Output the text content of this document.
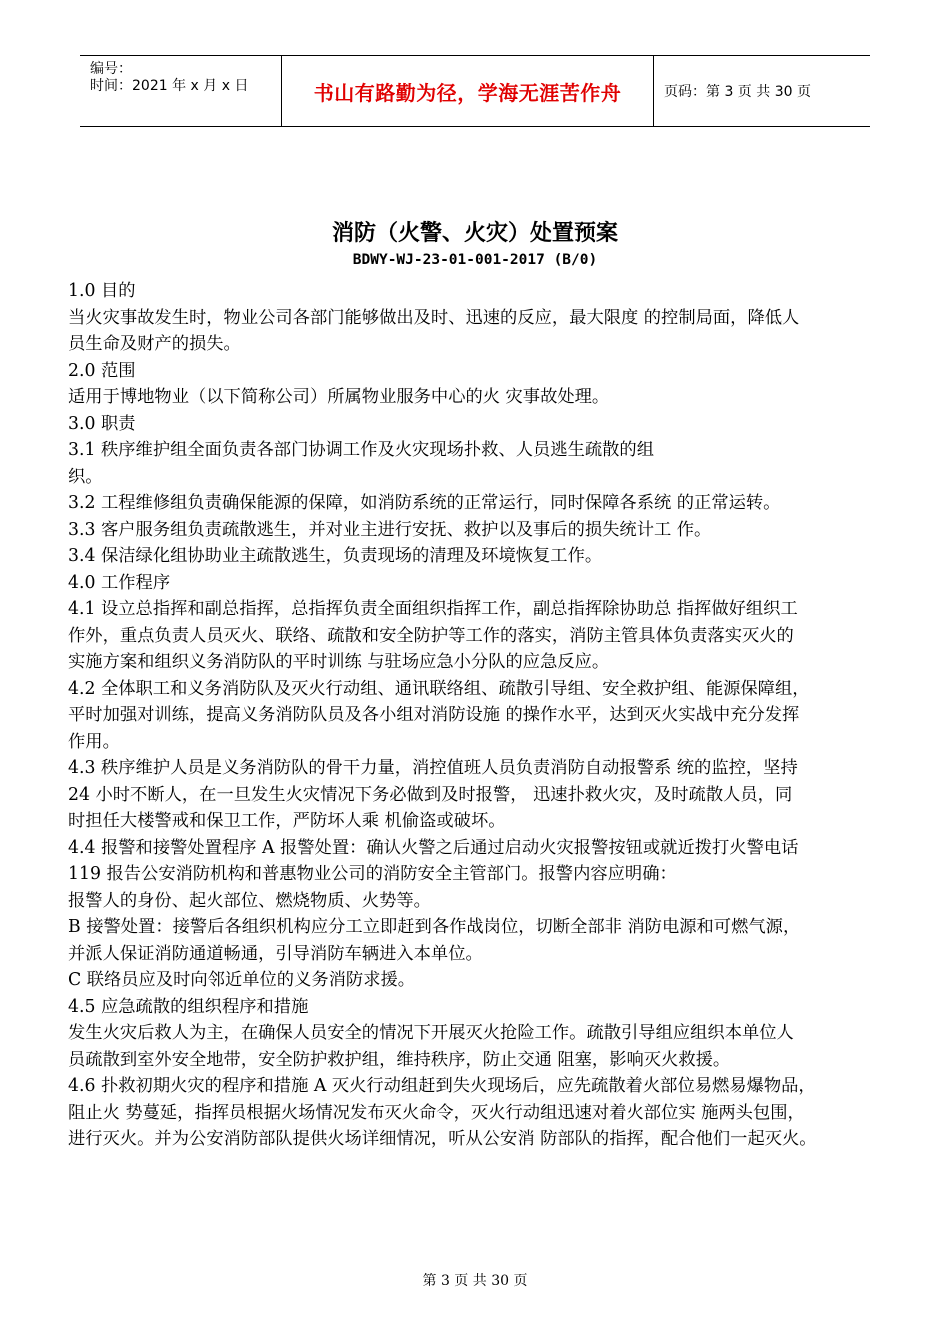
编号：
时间：2021 年 x 月 x 日	书山有路勤为径，学海无涯苦作舟	页码：第 3 页 共 30 页
消防（火警、火灾）处置预案
BDWY-WJ-23-01-001-2017 (B/0)
1.0 目的
当火灾事故发生时，物业公司各部门能够做出及时、迅速的反应，最大限度 的控制局面，降低人
员生命及财产的损失。
2.0 范围
适用于博地物业（以下简称公司）所属物业服务中心的火 灾事故处理。
3.0 职责
3.1 秩序维护组全面负责各部门协调工作及火灾现场扑救、人员逃生疏散的组
织。
3.2 工程维修组负责确保能源的保障，如消防系统的正常运行，同时保障各系统 的正常运转。
3.3 客户服务组负责疏散逃生，并对业主进行安抚、救护以及事后的损失统计工 作。
3.4 保洁绿化组协助业主疏散逃生，负责现场的清理及环境恢复工作。
4.0 工作程序
4.1 设立总指挥和副总指挥，总指挥负责全面组织指挥工作，副总指挥除协助总 指挥做好组织工
作外，重点负责人员灭火、联络、疏散和安全防护等工作的落实，消防主管具体负责落实灭火的
实施方案和组织义务消防队的平时训练 与驻场应急小分队的应急反应。
4.2 全体职工和义务消防队及灭火行动组、通讯联络组、疏散引导组、安全救护组、能源保障组，
平时加强对训练，提高义务消防队员及各小组对消防设施 的操作水平，达到灭火实战中充分发挥
作用。
4.3 秩序维护人员是义务消防队的骨干力量，消控值班人员负责消防自动报警系 统的监控，坚持
24 小时不断人，在一旦发生火灾情况下务必做到及时报警， 迅速扑救火灾，及时疏散人员，同
时担任大楼警戒和保卫工作，严防坏人乘 机偷盗或破坏。
4.4 报警和接警处置程序 A 报警处置：确认火警之后通过启动火灾报警按钮或就近拨打火警电话
119 报告公安消防机构和普惠物业公司的消防安全主管部门。报警内容应明确：
报警人的身份、起火部位、燃烧物质、火势等。
B 接警处置：接警后各组织机构应分工立即赶到各作战岗位，切断全部非 消防电源和可燃气源，
并派人保证消防通道畅通，引导消防车辆进入本单位。
C 联络员应及时向邻近单位的义务消防求援。
4.5 应急疏散的组织程序和措施
发生火灾后救人为主，在确保人员安全的情况下开展灭火抢险工作。疏散引导组应组织本单位人
员疏散到室外安全地带，安全防护救护组，维持秩序，防止交通 阻塞，影响灭火救援。
4.6 扑救初期火灾的程序和措施 A 灭火行动组赶到失火现场后，应先疏散着火部位易燃易爆物品，
阻止火 势蔓延，指挥员根据火场情况发布灭火命令，灭火行动组迅速对着火部位实 施两头包围，
进行灭火。并为公安消防部队提供火场详细情况，听从公安消 防部队的指挥，配合他们一起灭火。
第 3 页 共 30 页
